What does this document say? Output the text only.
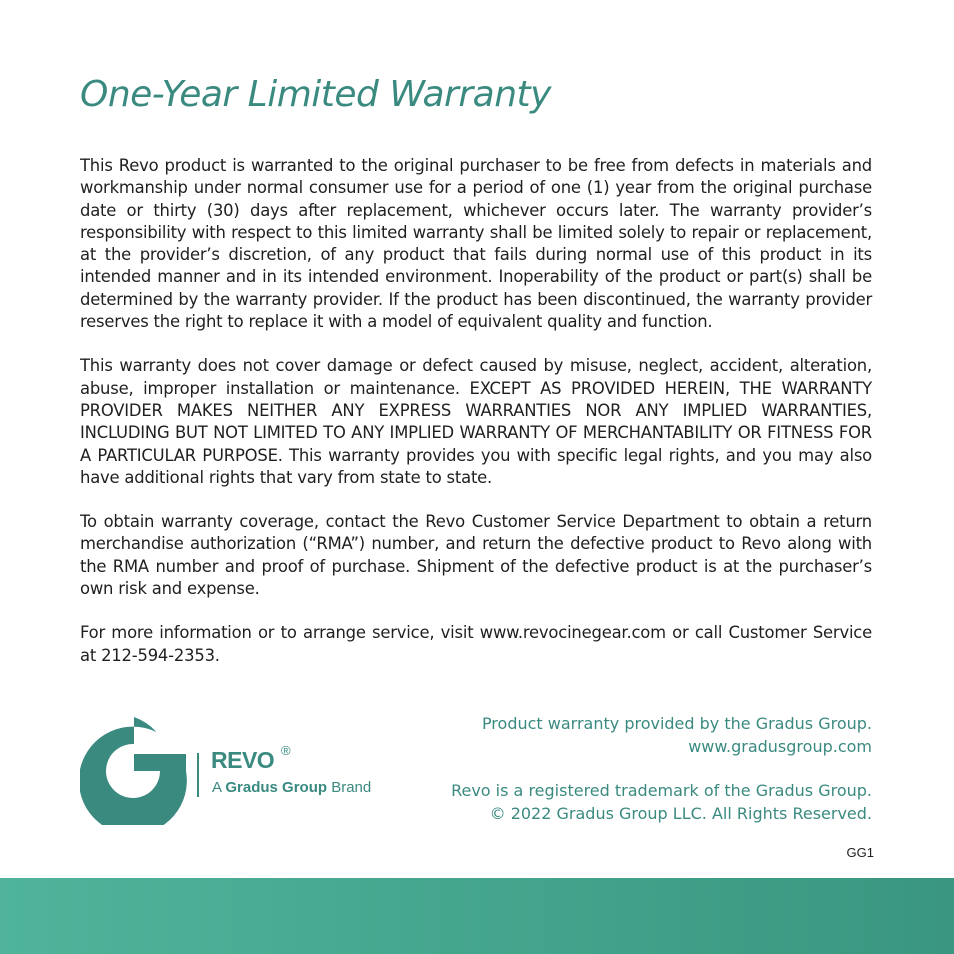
One-Year Limited Warranty

This Revo product is warranted to the original purchaser to be free from defects in materials and workmanship under normal consumer use for a period of one (1) year from the original purchase date or thirty (30) days after replacement, whichever occurs later. The warranty provider’s responsibility with respect to this limited warranty shall be limited solely to repair or replacement, at the provider’s discretion, of any product that fails during normal use of this product in its intended manner and in its intended environment. Inoperability of the product or part(s) shall be determined by the warranty provider. If the product has been discontinued, the warranty provider reserves the right to replace it with a model of equivalent quality and function.

This warranty does not cover damage or defect caused by misuse, neglect, accident, alteration, abuse, improper installation or maintenance. EXCEPT AS PROVIDED HEREIN, THE WARRANTY PROVIDER MAKES NEITHER ANY EXPRESS WARRANTIES NOR ANY IMPLIED WARRANTIES, INCLUDING BUT NOT LIMITED TO ANY IMPLIED WARRANTY OF MERCHANTABILITY OR FITNESS FOR A PARTICULAR PURPOSE. This warranty provides you with specific legal rights, and you may also have additional rights that vary from state to state.

To obtain warranty coverage, contact the Revo Customer Service Department to obtain a return merchandise authorization (“RMA”) number, and return the defective product to Revo along with the RMA number and proof of purchase. Shipment of the defective product is at the purchaser’s own risk and expense.

For more information or to arrange service, visit www.revocinegear.com or call Customer Service at 212-594-2353.

REVO ®
A Gradus Group Brand
Product warranty provided by the Gradus Group.
www.gradusgroup.com
Revo is a registered trademark of the Gradus Group.
© 2022 Gradus Group LLC. All Rights Reserved.
GG1
